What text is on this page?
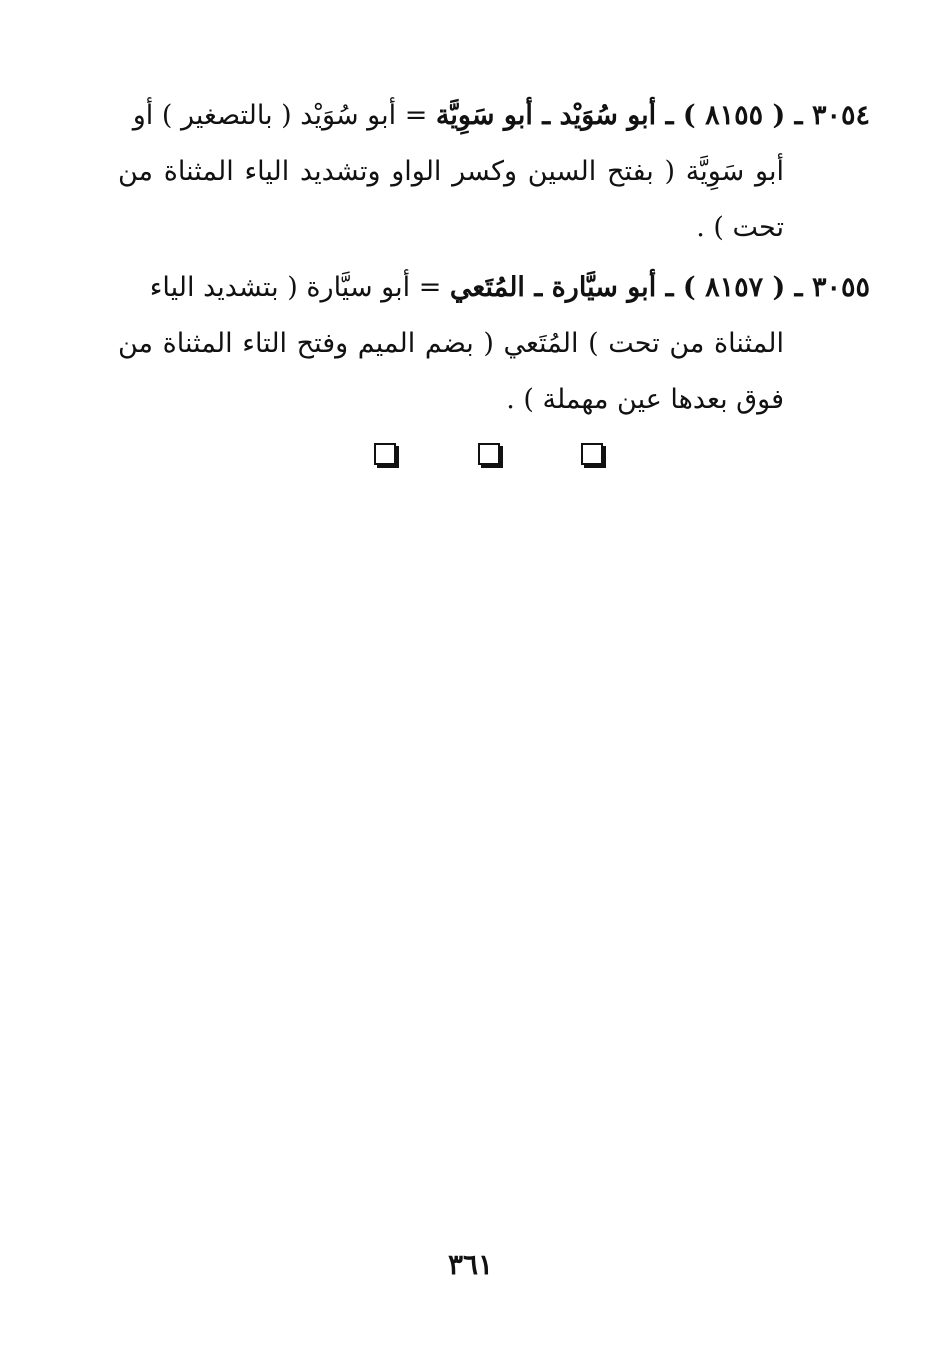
٣٠٥٤ ـ ( ٨١٥٥ ) ـ أبو سُوَيْد ـ أبو سَوِيَّة = أبو سُوَيْد ( بالتصغير ) أو
أبو سَوِيَّة ( بفتح السين وكسر الواو وتشديد الياء المثناة من تحت ) .
٣٠٥٥ ـ ( ٨١٥٧ ) ـ أبو سيَّارة ـ المُتَعي = أبو سيَّارة ( بتشديد الياء
المثناة من تحت ) المُتَعي ( بضم الميم وفتح التاء المثناة من فوق بعدها عين مهملة ) .
٣٦١
